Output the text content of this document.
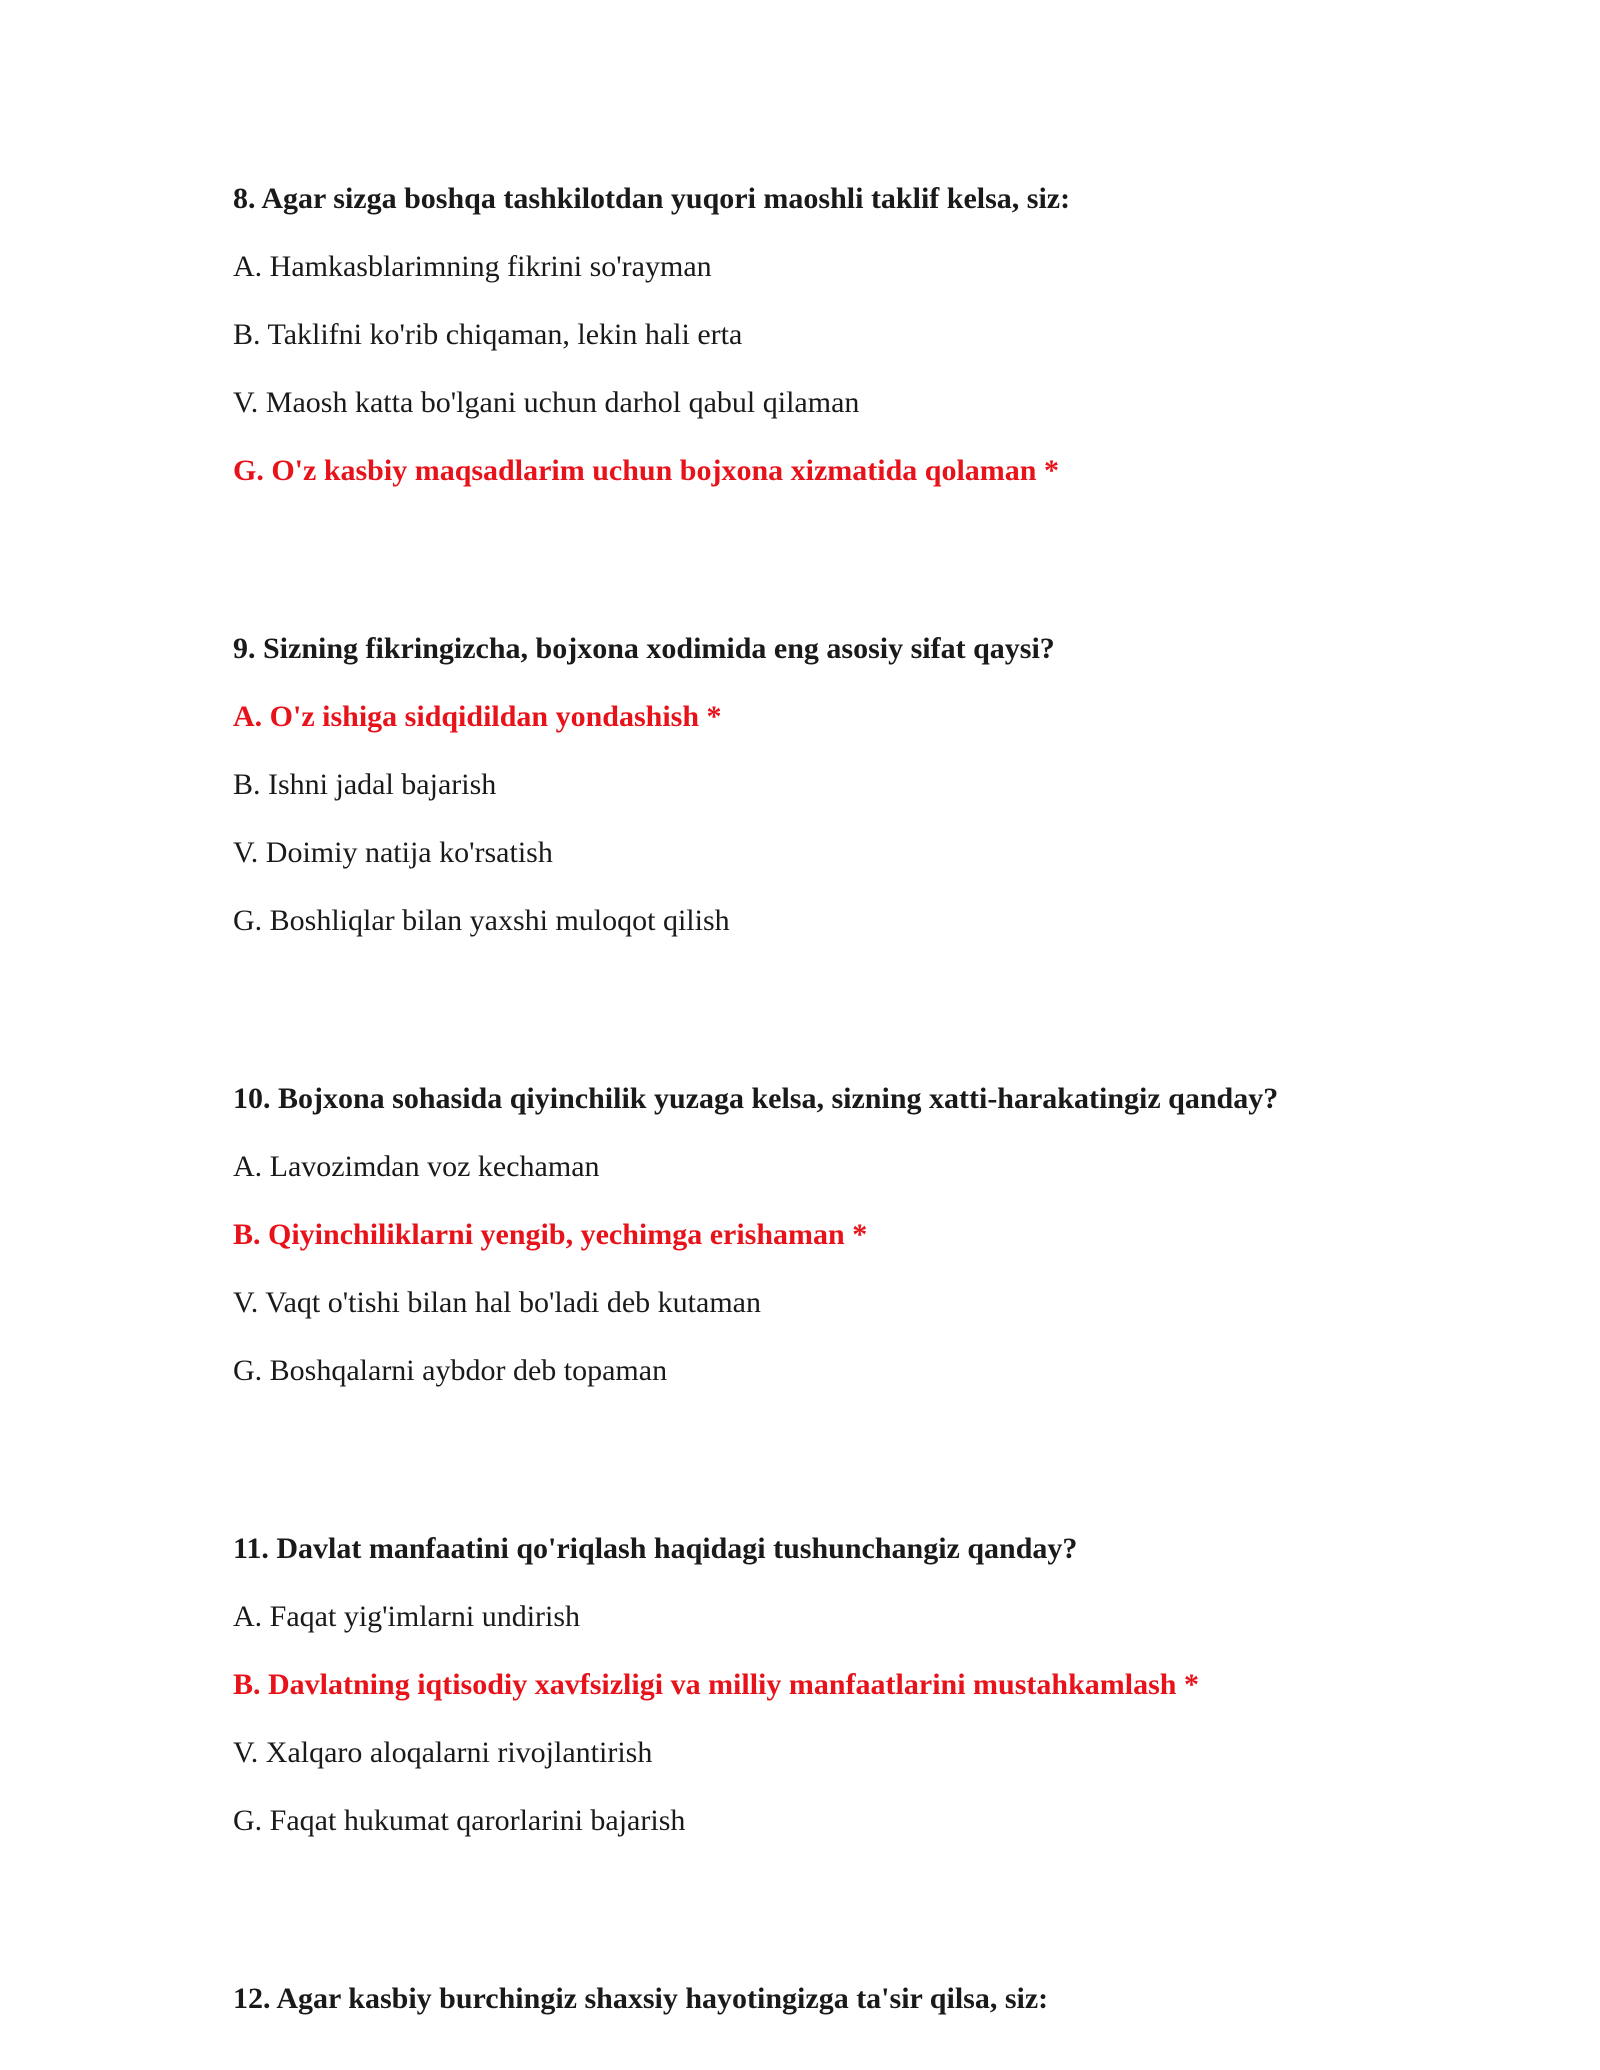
8. Agar sizga boshqa tashkilotdan yuqori maoshli taklif kelsa, siz:
A. Hamkasblarimning fikrini so'rayman
B. Taklifni ko'rib chiqaman, lekin hali erta
V. Maosh katta bo'lgani uchun darhol qabul qilaman
G. O'z kasbiy maqsadlarim uchun bojxona xizmatida qolaman *
9. Sizning fikringizcha, bojxona xodimida eng asosiy sifat qaysi?
A. O'z ishiga sidqidildan yondashish *
B. Ishni jadal bajarish
V. Doimiy natija ko'rsatish
G. Boshliqlar bilan yaxshi muloqot qilish
10. Bojxona sohasida qiyinchilik yuzaga kelsa, sizning xatti-harakatingiz qanday?
A. Lavozimdan voz kechaman
B. Qiyinchiliklarni yengib, yechimga erishaman *
V. Vaqt o'tishi bilan hal bo'ladi deb kutaman
G. Boshqalarni aybdor deb topaman
11. Davlat manfaatini qo'riqlash haqidagi tushunchangiz qanday?
A. Faqat yig'imlarni undirish
B. Davlatning iqtisodiy xavfsizligi va milliy manfaatlarini mustahkamlash *
V. Xalqaro aloqalarni rivojlantirish
G. Faqat hukumat qarorlarini bajarish
12. Agar kasbiy burchingiz shaxsiy hayotingizga ta'sir qilsa, siz:
